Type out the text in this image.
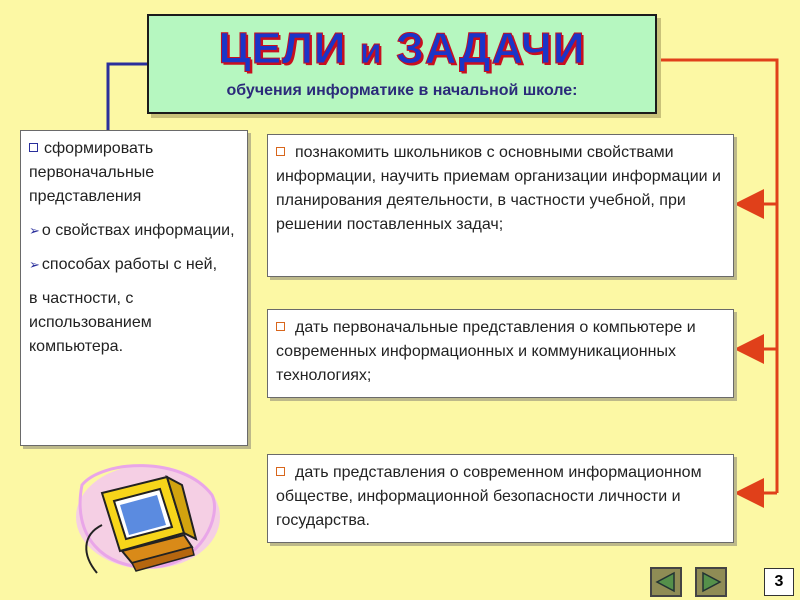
ЦЕЛИ и ЗАДАЧИ
обучения информатике в начальной школе:

сформировать первоначальные представления

➢ о свойствах информации,

➢ способах работы с ней,

в частности, с использованием компьютера.

познакомить школьников с основными свойствами информации, научить приемам организации информации и планирования деятельности, в частности учебной, при решении поставленных задач;
дать первоначальные представления о компьютере и современных информационных и коммуникационных технологиях;
дать представления о современном информационном обществе, информационной безопасности личности и государства.
3
